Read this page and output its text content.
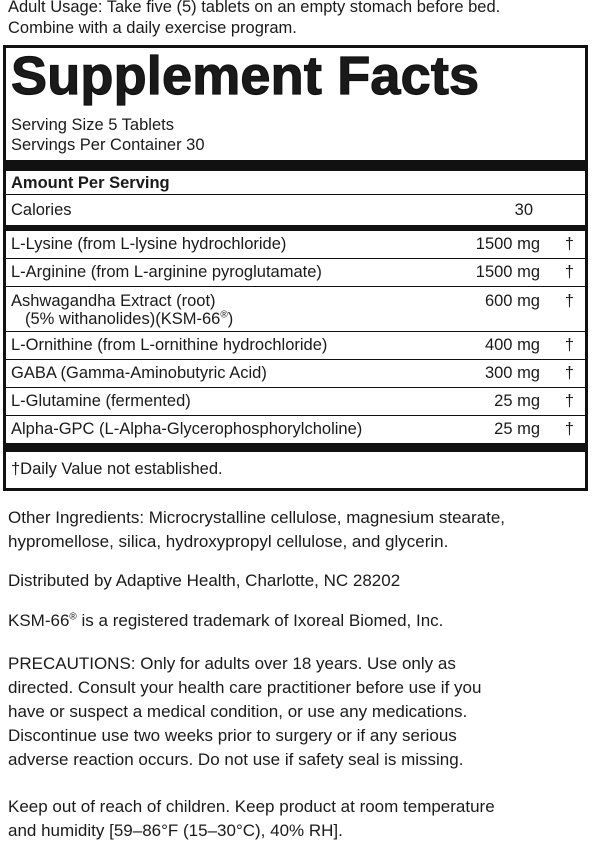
Adult Usage: Take five (5) tablets on an empty stomach before bed.

Combine with a daily exercise program.

Supplement Facts
Serving Size 5 Tablets
Servings Per Container 30
Amount Per Serving
Calories	30
L-Lysine (from L-lysine hydrochloride)	1500 mg †
L-Arginine (from L-arginine pyroglutamate)	1500 mg †
Ashwagandha Extract (root)
(5% withanolides)(KSM-66®)
600 mg †
L-Ornithine (from L-ornithine hydrochloride)	400 mg †
GABA (Gamma-Aminobutyric Acid)	300 mg †
L-Glutamine (fermented)	25 mg †
Alpha-GPC (L-Alpha-Glycerophosphorylcholine)	25 mg †
†Daily Value not established.
Other Ingredients: Microcrystalline cellulose, magnesium stearate,
hypromellose, silica, hydroxypropyl cellulose, and glycerin.
Distributed by Adaptive Health, Charlotte, NC 28202
KSM-66® is a registered trademark of Ixoreal Biomed, Inc.
PRECAUTIONS: Only for adults over 18 years. Use only as
directed. Consult your health care practitioner before use if you
have or suspect a medical condition, or use any medications.
Discontinue use two weeks prior to surgery or if any serious
adverse reaction occurs. Do not use if safety seal is missing.
Keep out of reach of children. Keep product at room temperature
and humidity [59–86°F (15–30°C), 40% RH].
